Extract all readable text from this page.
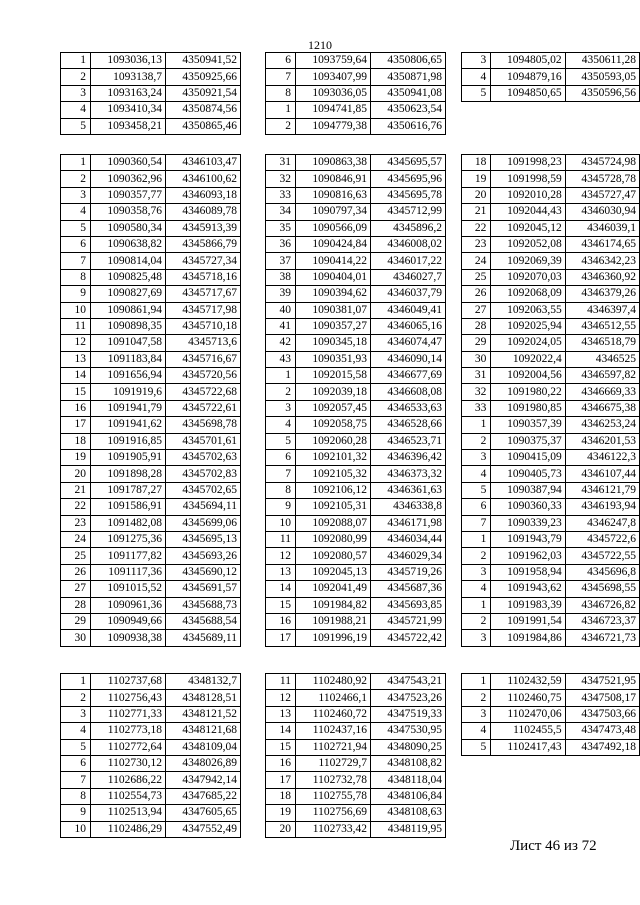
1210
1	1093036,13	4350941,52
2	1093138,7	4350925,66
3	1093163,24	4350921,54
4	1093410,34	4350874,56
5	1093458,21	4350865,46
6	1093759,64	4350806,65
7	1093407,99	4350871,98
8	1093036,05	4350941,08
1	1094741,85	4350623,54
2	1094779,38	4350616,76
3	1094805,02	4350611,28
4	1094879,16	4350593,05
5	1094850,65	4350596,56
1	1090360,54	4346103,47
2	1090362,96	4346100,62
3	1090357,77	4346093,18
4	1090358,76	4346089,78
5	1090580,34	4345913,39
6	1090638,82	4345866,79
7	1090814,04	4345727,34
8	1090825,48	4345718,16
9	1090827,69	4345717,67
10	1090861,94	4345717,98
11	1090898,35	4345710,18
12	1091047,58	4345713,6
13	1091183,84	4345716,67
14	1091656,94	4345720,56
15	1091919,6	4345722,68
16	1091941,79	4345722,61
17	1091941,62	4345698,78
18	1091916,85	4345701,61
19	1091905,91	4345702,63
20	1091898,28	4345702,83
21	1091787,27	4345702,65
22	1091586,91	4345694,11
23	1091482,08	4345699,06
24	1091275,36	4345695,13
25	1091177,82	4345693,26
26	1091117,36	4345690,12
27	1091015,52	4345691,57
28	1090961,36	4345688,73
29	1090949,66	4345688,54
30	1090938,38	4345689,11
31	1090863,38	4345695,57
32	1090846,91	4345695,96
33	1090816,63	4345695,78
34	1090797,34	4345712,99
35	1090566,09	4345896,2
36	1090424,84	4346008,02
37	1090414,22	4346017,22
38	1090404,01	4346027,7
39	1090394,62	4346037,79
40	1090381,07	4346049,41
41	1090357,27	4346065,16
42	1090345,18	4346074,47
43	1090351,93	4346090,14
1	1092015,58	4346677,69
2	1092039,18	4346608,08
3	1092057,45	4346533,63
4	1092058,75	4346528,66
5	1092060,28	4346523,71
6	1092101,32	4346396,42
7	1092105,32	4346373,32
8	1092106,12	4346361,63
9	1092105,31	4346338,8
10	1092088,07	4346171,98
11	1092080,99	4346034,44
12	1092080,57	4346029,34
13	1092045,13	4345719,26
14	1092041,49	4345687,36
15	1091984,82	4345693,85
16	1091988,21	4345721,99
17	1091996,19	4345722,42
18	1091998,23	4345724,98
19	1091998,59	4345728,78
20	1092010,28	4345727,47
21	1092044,43	4346030,94
22	1092045,12	4346039,1
23	1092052,08	4346174,65
24	1092069,39	4346342,23
25	1092070,03	4346360,92
26	1092068,09	4346379,26
27	1092063,55	4346397,4
28	1092025,94	4346512,55
29	1092024,05	4346518,79
30	1092022,4	4346525
31	1092004,56	4346597,82
32	1091980,22	4346669,33
33	1091980,85	4346675,38
1	1090357,39	4346253,24
2	1090375,37	4346201,53
3	1090415,09	4346122,3
4	1090405,73	4346107,44
5	1090387,94	4346121,79
6	1090360,33	4346193,94
7	1090339,23	4346247,8
1	1091943,79	4345722,6
2	1091962,03	4345722,55
3	1091958,94	4345696,8
4	1091943,62	4345698,55
1	1091983,39	4346726,82
2	1091991,54	4346723,37
3	1091984,86	4346721,73
1	1102737,68	4348132,7
2	1102756,43	4348128,51
3	1102771,33	4348121,52
4	1102773,18	4348121,68
5	1102772,64	4348109,04
6	1102730,12	4348026,89
7	1102686,22	4347942,14
8	1102554,73	4347685,22
9	1102513,94	4347605,65
10	1102486,29	4347552,49
11	1102480,92	4347543,21
12	1102466,1	4347523,26
13	1102460,72	4347519,33
14	1102437,16	4347530,95
15	1102721,94	4348090,25
16	1102729,7	4348108,82
17	1102732,78	4348118,04
18	1102755,78	4348106,84
19	1102756,69	4348108,63
20	1102733,42	4348119,95
1	1102432,59	4347521,95
2	1102460,75	4347508,17
3	1102470,06	4347503,66
4	1102455,5	4347473,48
5	1102417,43	4347492,18
Лист 46 из 72
